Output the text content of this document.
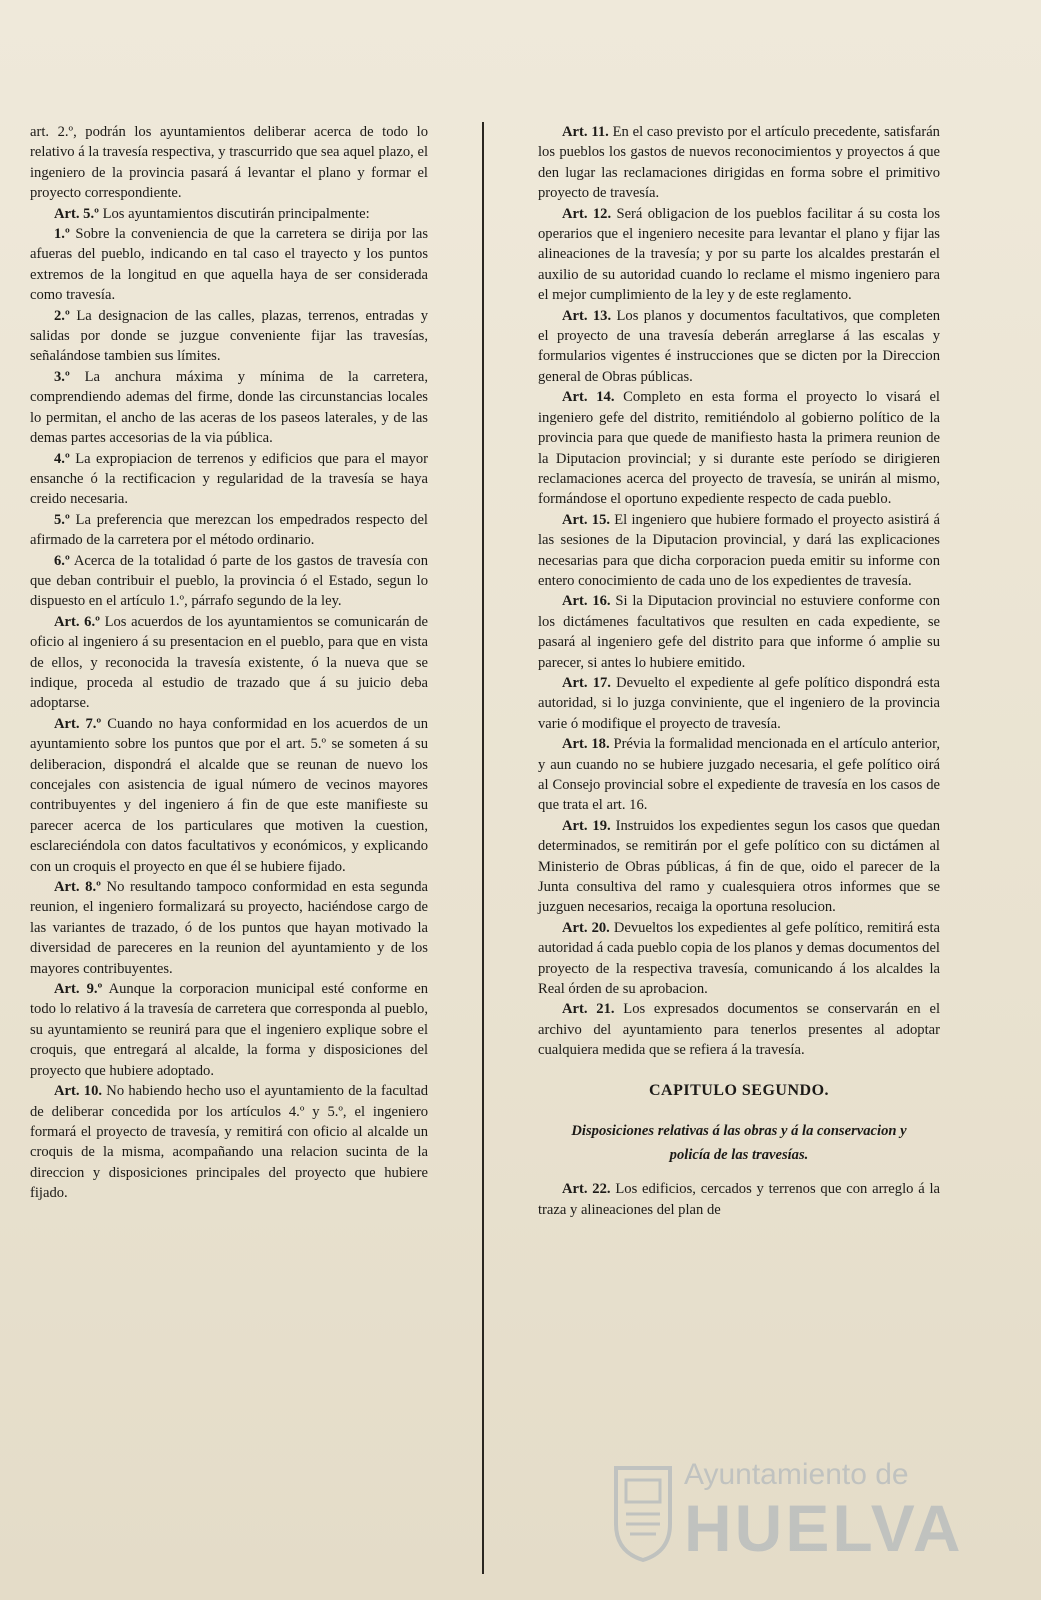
art. 2.º, podrán los ayuntamientos deliberar acerca de todo lo relativo á la travesía respectiva, y trascurrido que sea aquel plazo, el ingeniero de la provincia pasará á levantar el plano y formar el proyecto correspondiente.

Art. 5.º Los ayuntamientos discutirán principalmente:

1.º Sobre la conveniencia de que la carretera se dirija por las afueras del pueblo, indicando en tal caso el trayecto y los puntos extremos de la longitud en que aquella haya de ser considerada como travesía.

2.º La designacion de las calles, plazas, terrenos, entradas y salidas por donde se juzgue conveniente fijar las travesías, señalándose tambien sus límites.

3.º La anchura máxima y mínima de la carretera, comprendiendo ademas del firme, donde las circunstancias locales lo permitan, el ancho de las aceras de los paseos laterales, y de las demas partes accesorias de la via pública.

4.º La expropiacion de terrenos y edificios que para el mayor ensanche ó la rectificacion y regularidad de la travesía se haya creido necesaria.

5.º La preferencia que merezcan los empedrados respecto del afirmado de la carretera por el método ordinario.

6.º Acerca de la totalidad ó parte de los gastos de travesía con que deban contribuir el pueblo, la provincia ó el Estado, segun lo dispuesto en el artículo 1.º, párrafo segundo de la ley.

Art. 6.º Los acuerdos de los ayuntamientos se comunicarán de oficio al ingeniero á su presentacion en el pueblo, para que en vista de ellos, y reconocida la travesía existente, ó la nueva que se indique, proceda al estudio de trazado que á su juicio deba adoptarse.

Art. 7.º Cuando no haya conformidad en los acuerdos de un ayuntamiento sobre los puntos que por el art. 5.º se someten á su deliberacion, dispondrá el alcalde que se reunan de nuevo los concejales con asistencia de igual número de vecinos mayores contribuyentes y del ingeniero á fin de que este manifieste su parecer acerca de los particulares que motiven la cuestion, esclareciéndola con datos facultativos y económicos, y explicando con un croquis el proyecto en que él se hubiere fijado.

Art. 8.º No resultando tampoco conformidad en esta segunda reunion, el ingeniero formalizará su proyecto, haciéndose cargo de las variantes de trazado, ó de los puntos que hayan motivado la diversidad de pareceres en la reunion del ayuntamiento y de los mayores contribuyentes.

Art. 9.º Aunque la corporacion municipal esté conforme en todo lo relativo á la travesía de carretera que corresponda al pueblo, su ayuntamiento se reunirá para que el ingeniero explique sobre el croquis, que entregará al alcalde, la forma y disposiciones del proyecto que hubiere adoptado.

Art. 10. No habiendo hecho uso el ayuntamiento de la facultad de deliberar concedida por los artículos 4.º y 5.º, el ingeniero formará el proyecto de travesía, y remitirá con oficio al alcalde un croquis de la misma, acompañando una relacion sucinta de la direccion y disposiciones principales del proyecto que hubiere fijado.

Art. 11. En el caso previsto por el artículo precedente, satisfarán los pueblos los gastos de nuevos reconocimientos y proyectos á que den lugar las reclamaciones dirigidas en forma sobre el primitivo proyecto de travesía.

Art. 12. Será obligacion de los pueblos facilitar á su costa los operarios que el ingeniero necesite para levantar el plano y fijar las alineaciones de la travesía; y por su parte los alcaldes prestarán el auxilio de su autoridad cuando lo reclame el mismo ingeniero para el mejor cumplimiento de la ley y de este reglamento.

Art. 13. Los planos y documentos facultativos, que completen el proyecto de una travesía deberán arreglarse á las escalas y formularios vigentes é instrucciones que se dicten por la Direccion general de Obras públicas.

Art. 14. Completo en esta forma el proyecto lo visará el ingeniero gefe del distrito, remitiéndolo al gobierno político de la provincia para que quede de manifiesto hasta la primera reunion de la Diputacion provincial; y si durante este período se dirigieren reclamaciones acerca del proyecto de travesía, se unirán al mismo, formándose el oportuno expediente respecto de cada pueblo.

Art. 15. El ingeniero que hubiere formado el proyecto asistirá á las sesiones de la Diputacion provincial, y dará las explicaciones necesarias para que dicha corporacion pueda emitir su informe con entero conocimiento de cada uno de los expedientes de travesía.

Art. 16. Si la Diputacion provincial no estuviere conforme con los dictámenes facultativos que resulten en cada expediente, se pasará al ingeniero gefe del distrito para que informe ó amplie su parecer, si antes lo hubiere emitido.

Art. 17. Devuelto el expediente al gefe político dispondrá esta autoridad, si lo juzga conviniente, que el ingeniero de la provincia varie ó modifique el proyecto de travesía.

Art. 18. Prévia la formalidad mencionada en el artículo anterior, y aun cuando no se hubiere juzgado necesaria, el gefe político oirá al Consejo provincial sobre el expediente de travesía en los casos de que trata el art. 16.

Art. 19. Instruidos los expedientes segun los casos que quedan determinados, se remitirán por el gefe político con su dictámen al Ministerio de Obras públicas, á fin de que, oido el parecer de la Junta consultiva del ramo y cualesquiera otros informes que se juzguen necesarios, recaiga la oportuna resolucion.

Art. 20. Devueltos los expedientes al gefe político, remitirá esta autoridad á cada pueblo copia de los planos y demas documentos del proyecto de la respectiva travesía, comunicando á los alcaldes la Real órden de su aprobacion.

Art. 21. Los expresados documentos se conservarán en el archivo del ayuntamiento para tenerlos presentes al adoptar cualquiera medida que se refiera á la travesía.

CAPITULO SEGUNDO.

Disposiciones relativas á las obras y á la conservacion y policía de las travesías.

Art. 22. Los edificios, cercados y terrenos que con arreglo á la traza y alineaciones del plan de

Ayuntamiento de
HUELVA
